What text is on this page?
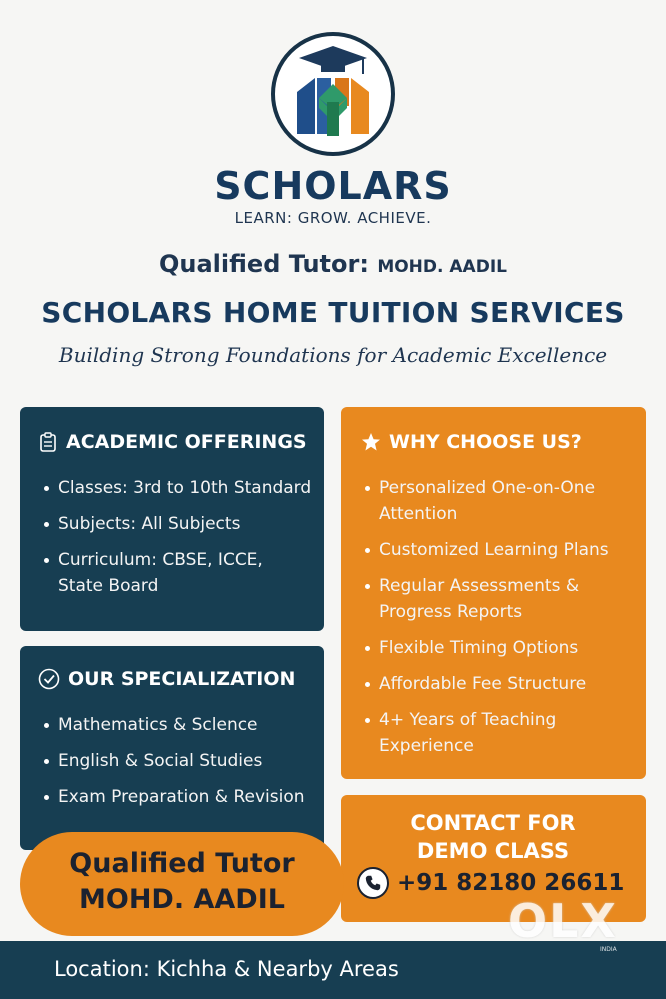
SCHOLARS
LEARN: GROW. ACHIEVE.
Qualified Tutor: MOHD. AADIL
SCHOLARS HOME TUITION SERVICES
Building Strong Foundations for Academic Excellence
ACADEMIC OFFERINGS
Classes: 3rd to 10th Standard
Subjects: All Subjects
Curriculum: CBSE, ICCE, State Board
OUR SPECIALIZATION
Mathematics & Sclence
English & Social Studies
Exam Preparation & Revision
WHY CHOOSE US?
Personalized One-on-One Attention
Customized Learning Plans
Regular Assessments & Progress Reports
Flexible Timing Options
Affordable Fee Structure
4+ Years of Teaching Experience
CONTACT FOR DEMO CLASS
+91 82180 26611
Qualified Tutor
MOHD. AADIL
Location: Kichha & Nearby Areas
OLX
INDIA
